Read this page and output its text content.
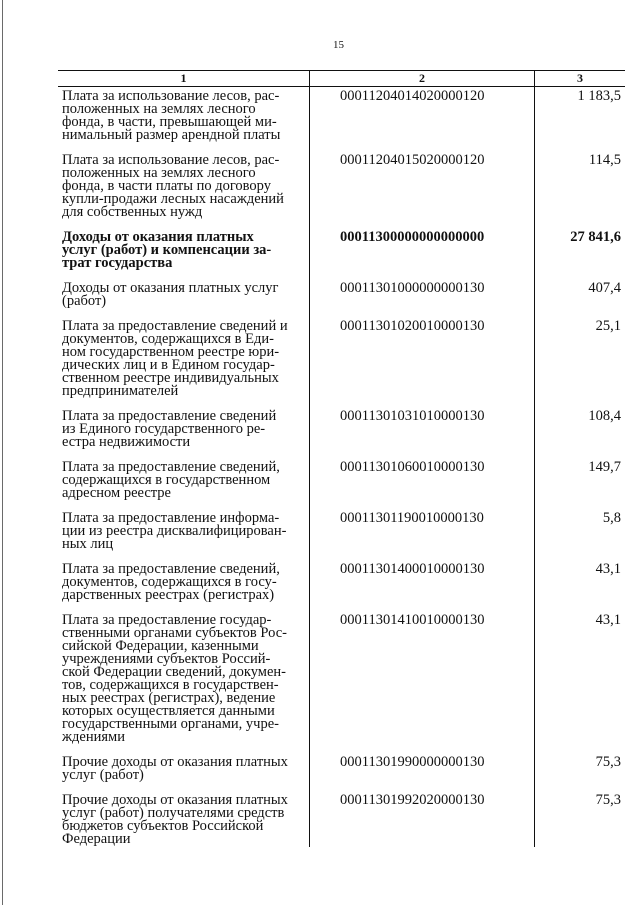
15
1	2	3
Плата за использование лесов, рас-
положенных на землях лесного
фонда, в части, превышающей ми-
нимальный размер арендной платы
00011204014020000120	1 183,5
Плата за использование лесов, рас-
положенных на землях лесного
фонда, в части платы по договору
купли-продажи лесных насаждений
для собственных нужд
00011204015020000120	114,5
Доходы от оказания платных
услуг (работ) и компенсации за-
трат государства
00011300000000000000	27 841,6
Доходы от оказания платных услуг
(работ)
00011301000000000130	407,4
Плата за предоставление сведений и
документов, содержащихся в Еди-
ном государственном реестре юри-
дических лиц и в Едином государ-
ственном реестре индивидуальных
предпринимателей
00011301020010000130	25,1
Плата за предоставление сведений
из Единого государственного ре-
естра недвижимости
00011301031010000130	108,4
Плата за предоставление сведений,
содержащихся в государственном
адресном реестре
00011301060010000130	149,7
Плата за предоставление информа-
ции из реестра дисквалифицирован-
ных лиц
00011301190010000130	5,8
Плата за предоставление сведений,
документов, содержащихся в госу-
дарственных реестрах (регистрах)
00011301400010000130	43,1
Плата за предоставление государ-
ственными органами субъектов Рос-
сийской Федерации, казенными
учреждениями субъектов Россий-
ской Федерации сведений, докумен-
тов, содержащихся в государствен-
ных реестрах (регистрах), ведение
которых осуществляется данными
государственными органами, учре-
ждениями
00011301410010000130	43,1
Прочие доходы от оказания платных
услуг (работ)
00011301990000000130	75,3
Прочие доходы от оказания платных
услуг (работ) получателями средств
бюджетов субъектов Российской
Федерации
00011301992020000130	75,3
